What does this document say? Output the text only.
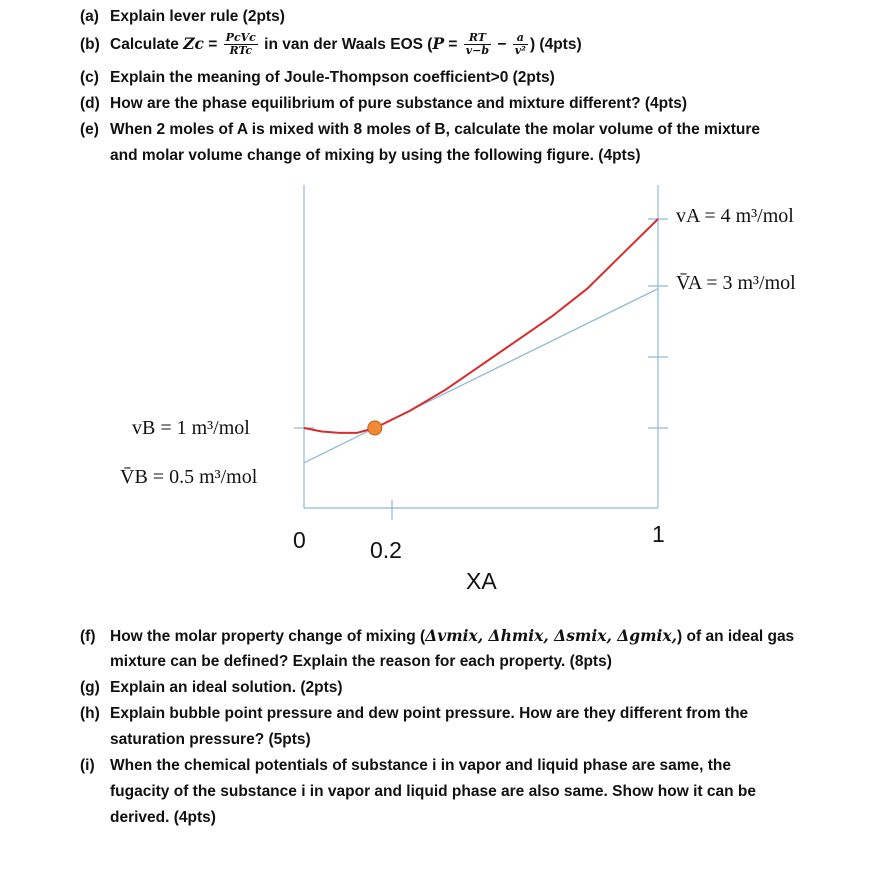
(a) Explain lever rule (2pts)
(b) Calculate $Zc = \frac{\text{PcVc}}{\text{RTc}}$ in van der Waals EOS ($P = \frac{RT}{v-b} - \frac{a}{\text{v²}}$ ) (4pts)
(c) Explain the meaning of Joule-Thompson coefficient>0 (2pts)
(d) How are the phase equilibrium of pure substance and mixture different? (4pts)
(e) When 2 moles of A is mixed with 8 moles of B, calculate the molar volume of the mixture
and molar volume change of mixing by using the following figure. (4pts)
vA = 4 m³/mol
V̄A = 3 m³/mol
vB = 1 m³/mol
V̄B = 0.5 m³/mol
0	0.2
1
XA
(f) How the molar property change of mixing (Δvmix, Δhmix, Δsmix, Δgmix,) of an ideal gas
mixture can be defined? Explain the reason for each property. (8pts)
(g) Explain an ideal solution. (2pts)
(h) Explain bubble point pressure and dew point pressure. How are they different from the
saturation pressure? (5pts)
(i) When the chemical potentials of substance i in vapor and liquid phase are same, the
fugacity of the substance i in vapor and liquid phase are also same. Show how it can be
derived. (4pts)
